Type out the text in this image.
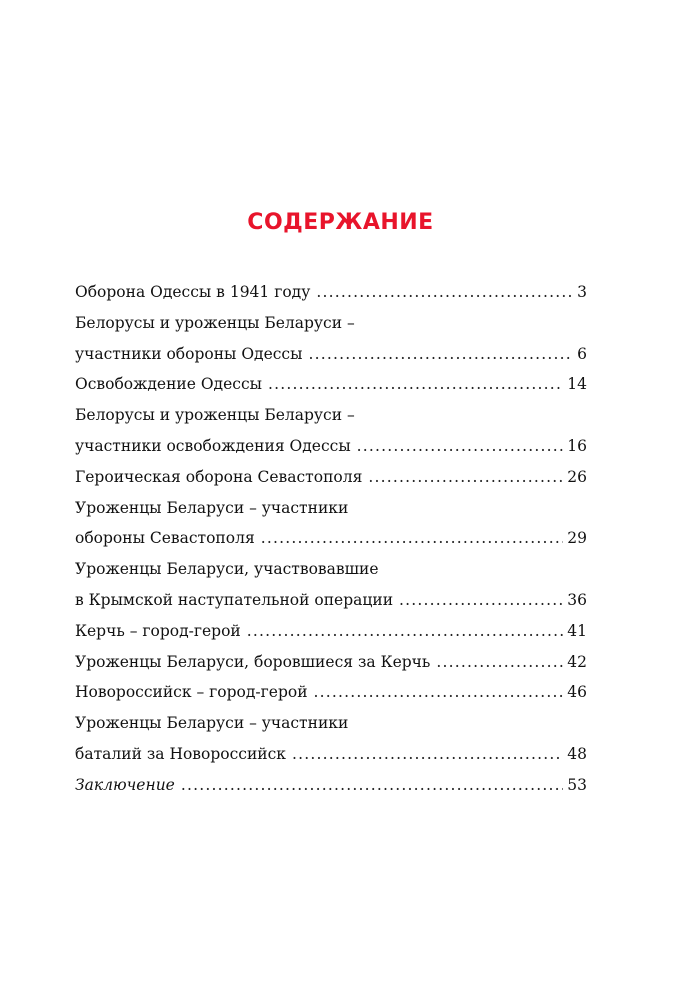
СОДЕРЖАНИЕ
Оборона Одессы в 1941 году .....	3
Белорусы и уроженцы Беларуси –
участники обороны Одессы .....	6
Освобождение Одессы .....	14
Белорусы и уроженцы Беларуси –
участники освобождения Одессы .....	16
Героическая оборона Севастополя .....	26
Уроженцы Беларуси – участники
обороны Севастополя .....	29
Уроженцы Беларуси, участвовавшие
в Крымской наступательной операции .....	36
Керчь – город-герой .....	41
Уроженцы Беларуси, боровшиеся за Керчь .....	42
Новороссийск – город-герой .....	46
Уроженцы Беларуси – участники
баталий за Новороссийск .....	48
Заключение .....	53
